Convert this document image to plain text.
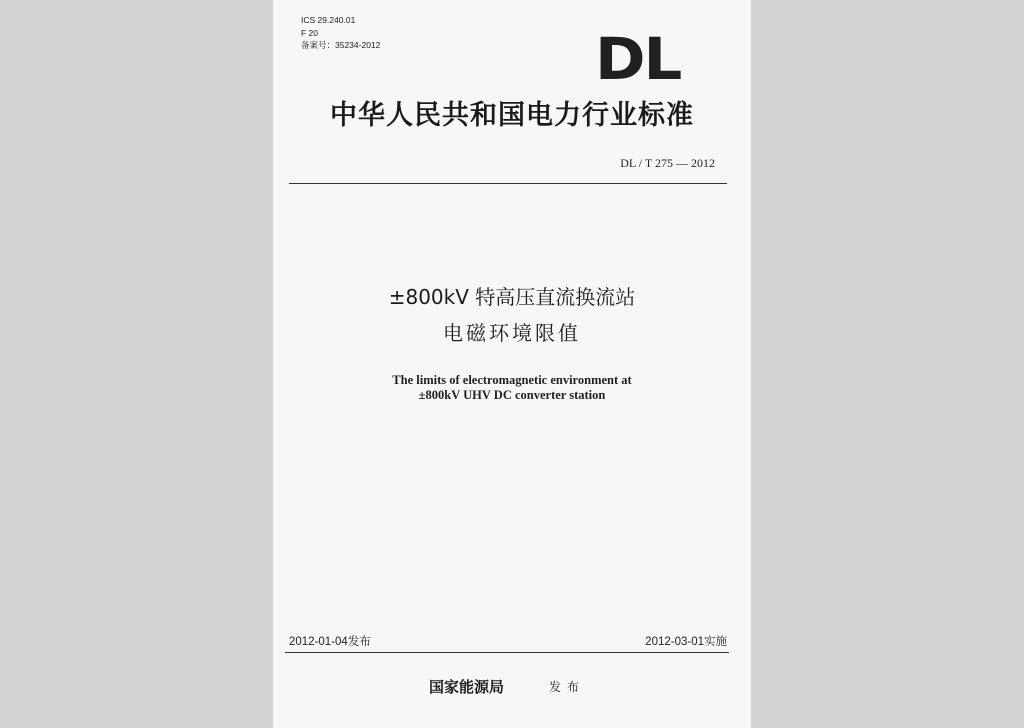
ICS 29.240.01
F 20
备案号：35234-2012	DL
中华人民共和国电力行业标准
DL / T 275 — 2012
±800kV 特高压直流换流站
电磁环境限值
The limits of electromagnetic environment at
±800kV UHV DC converter station
2012-01-04发布	2012-03-01实施
国家能源局	发布
